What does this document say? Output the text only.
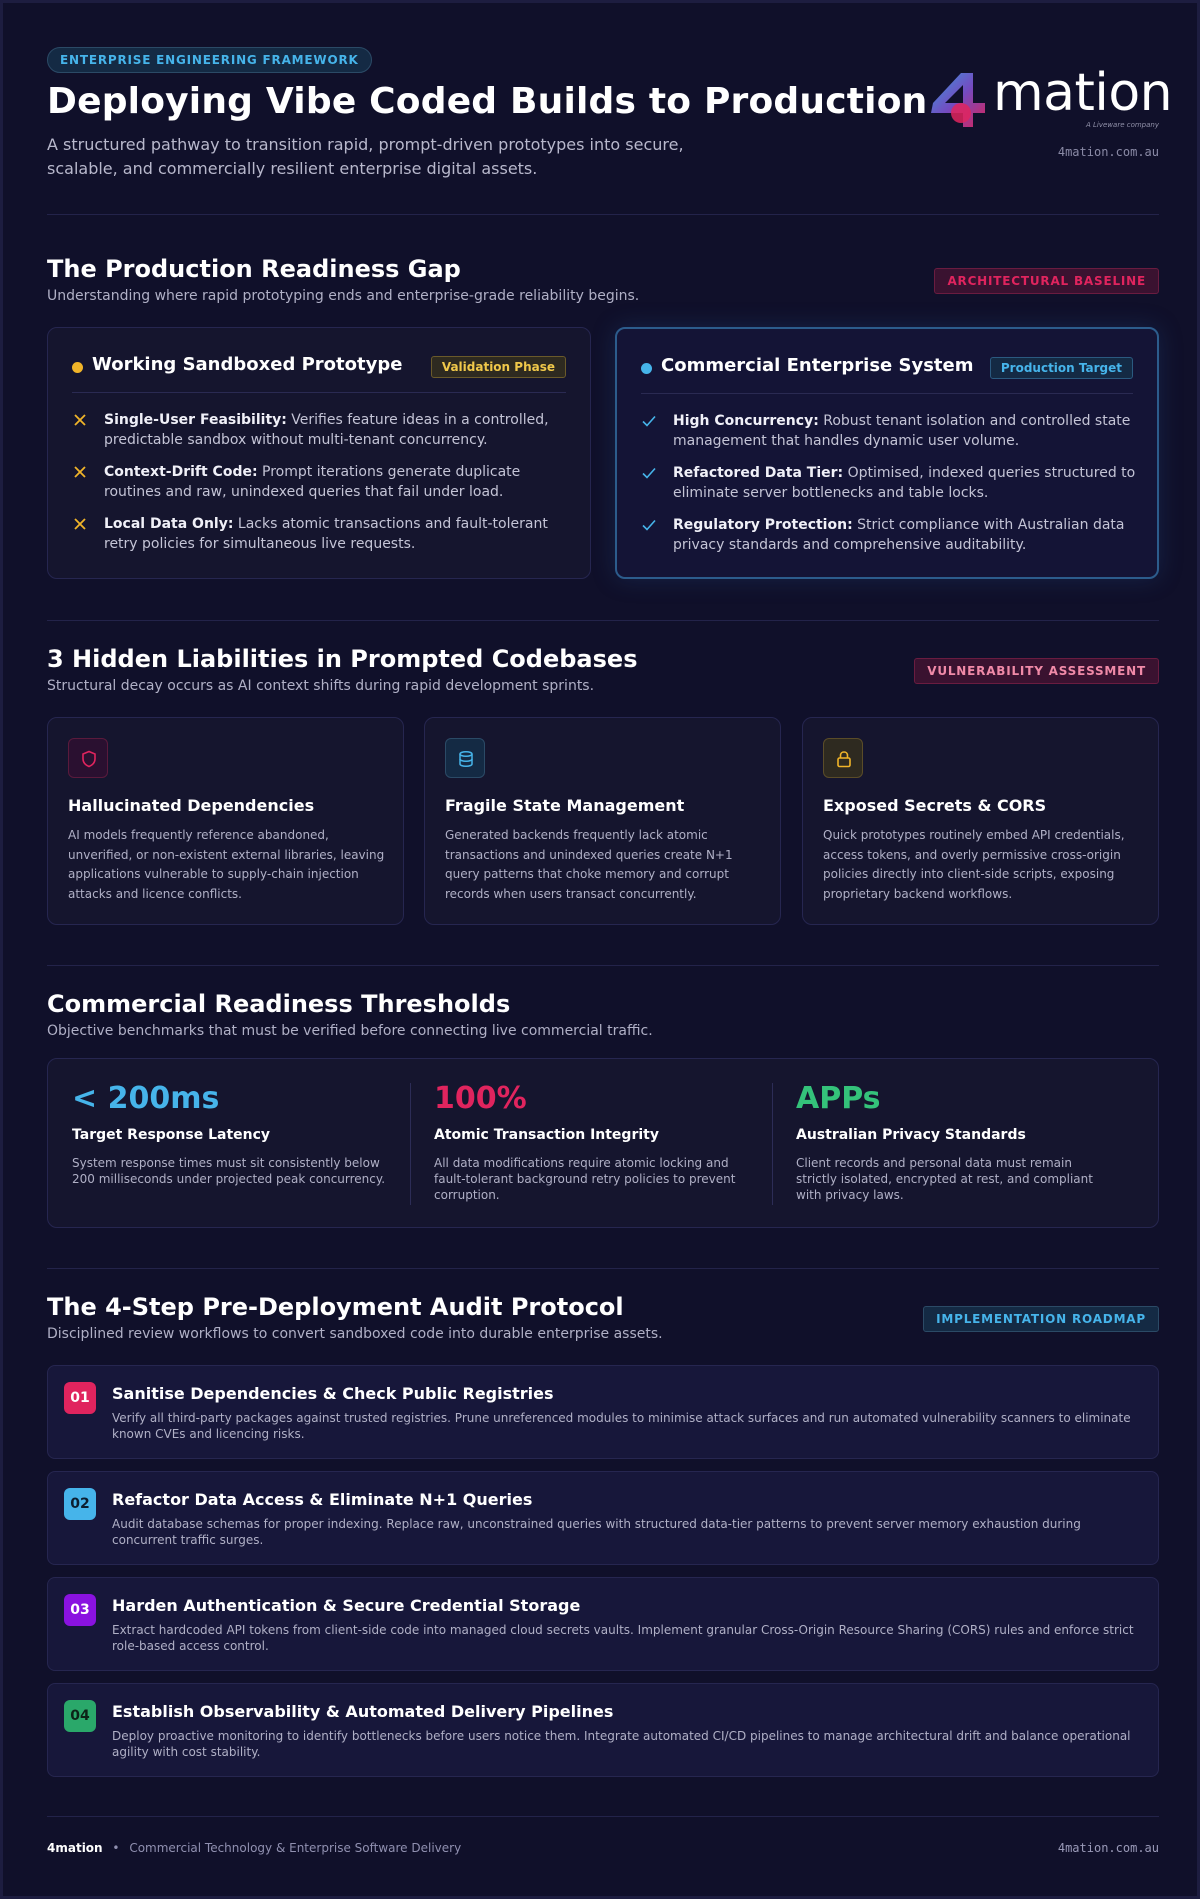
ENTERPRISE ENGINEERING FRAMEWORK
Deploying Vibe Coded Builds to Production
A structured pathway to transition rapid, prompt-driven prototypes into secure, scalable, and commercially resilient enterprise digital assets.
mation
A Liveware company
4mation.com.au
The Production Readiness Gap
Understanding where rapid prototyping ends and enterprise-grade reliability begins.
ARCHITECTURAL BASELINE
Working Sandboxed Prototype	Validation Phase
Single-User Feasibility: Verifies feature ideas in a controlled, predictable sandbox without multi-tenant concurrency.
Context-Drift Code: Prompt iterations generate duplicate routines and raw, unindexed queries that fail under load.
Local Data Only: Lacks atomic transactions and fault-tolerant retry policies for simultaneous live requests.
Commercial Enterprise System	Production Target
High Concurrency: Robust tenant isolation and controlled state management that handles dynamic user volume.
Refactored Data Tier: Optimised, indexed queries structured to eliminate server bottlenecks and table locks.
Regulatory Protection: Strict compliance with Australian data privacy standards and comprehensive auditability.
3 Hidden Liabilities in Prompted Codebases
Structural decay occurs as AI context shifts during rapid development sprints.
VULNERABILITY ASSESSMENT
Hallucinated Dependencies
AI models frequently reference abandoned, unverified, or non-existent external libraries, leaving applications vulnerable to supply-chain injection attacks and licence conflicts.
Fragile State Management
Generated backends frequently lack atomic transactions and unindexed queries create N+1 query patterns that choke memory and corrupt records when users transact concurrently.
Exposed Secrets & CORS
Quick prototypes routinely embed API credentials, access tokens, and overly permissive cross-origin policies directly into client-side scripts, exposing proprietary backend workflows.
Commercial Readiness Thresholds
Objective benchmarks that must be verified before connecting live commercial traffic.
< 200ms
Target Response Latency
System response times must sit consistently below 200 milliseconds under projected peak concurrency.
100%
Atomic Transaction Integrity
All data modifications require atomic locking and fault-tolerant background retry policies to prevent corruption.
APPs
Australian Privacy Standards
Client records and personal data must remain strictly isolated, encrypted at rest, and compliant with privacy laws.
The 4-Step Pre-Deployment Audit Protocol
Disciplined review workflows to convert sandboxed code into durable enterprise assets.
IMPLEMENTATION ROADMAP
01	Sanitise Dependencies & Check Public Registries
Verify all third-party packages against trusted registries. Prune unreferenced modules to minimise attack surfaces and run automated vulnerability scanners to eliminate known CVEs and licencing risks.
02	Refactor Data Access & Eliminate N+1 Queries
Audit database schemas for proper indexing. Replace raw, unconstrained queries with structured data-tier patterns to prevent server memory exhaustion during concurrent traffic surges.
03	Harden Authentication & Secure Credential Storage
Extract hardcoded API tokens from client-side code into managed cloud secrets vaults. Implement granular Cross-Origin Resource Sharing (CORS) rules and enforce strict role-based access control.
04	Establish Observability & Automated Delivery Pipelines
Deploy proactive monitoring to identify bottlenecks before users notice them. Integrate automated CI/CD pipelines to manage architectural drift and balance operational agility with cost stability.
4mation • Commercial Technology & Enterprise Software Delivery	4mation.com.au
